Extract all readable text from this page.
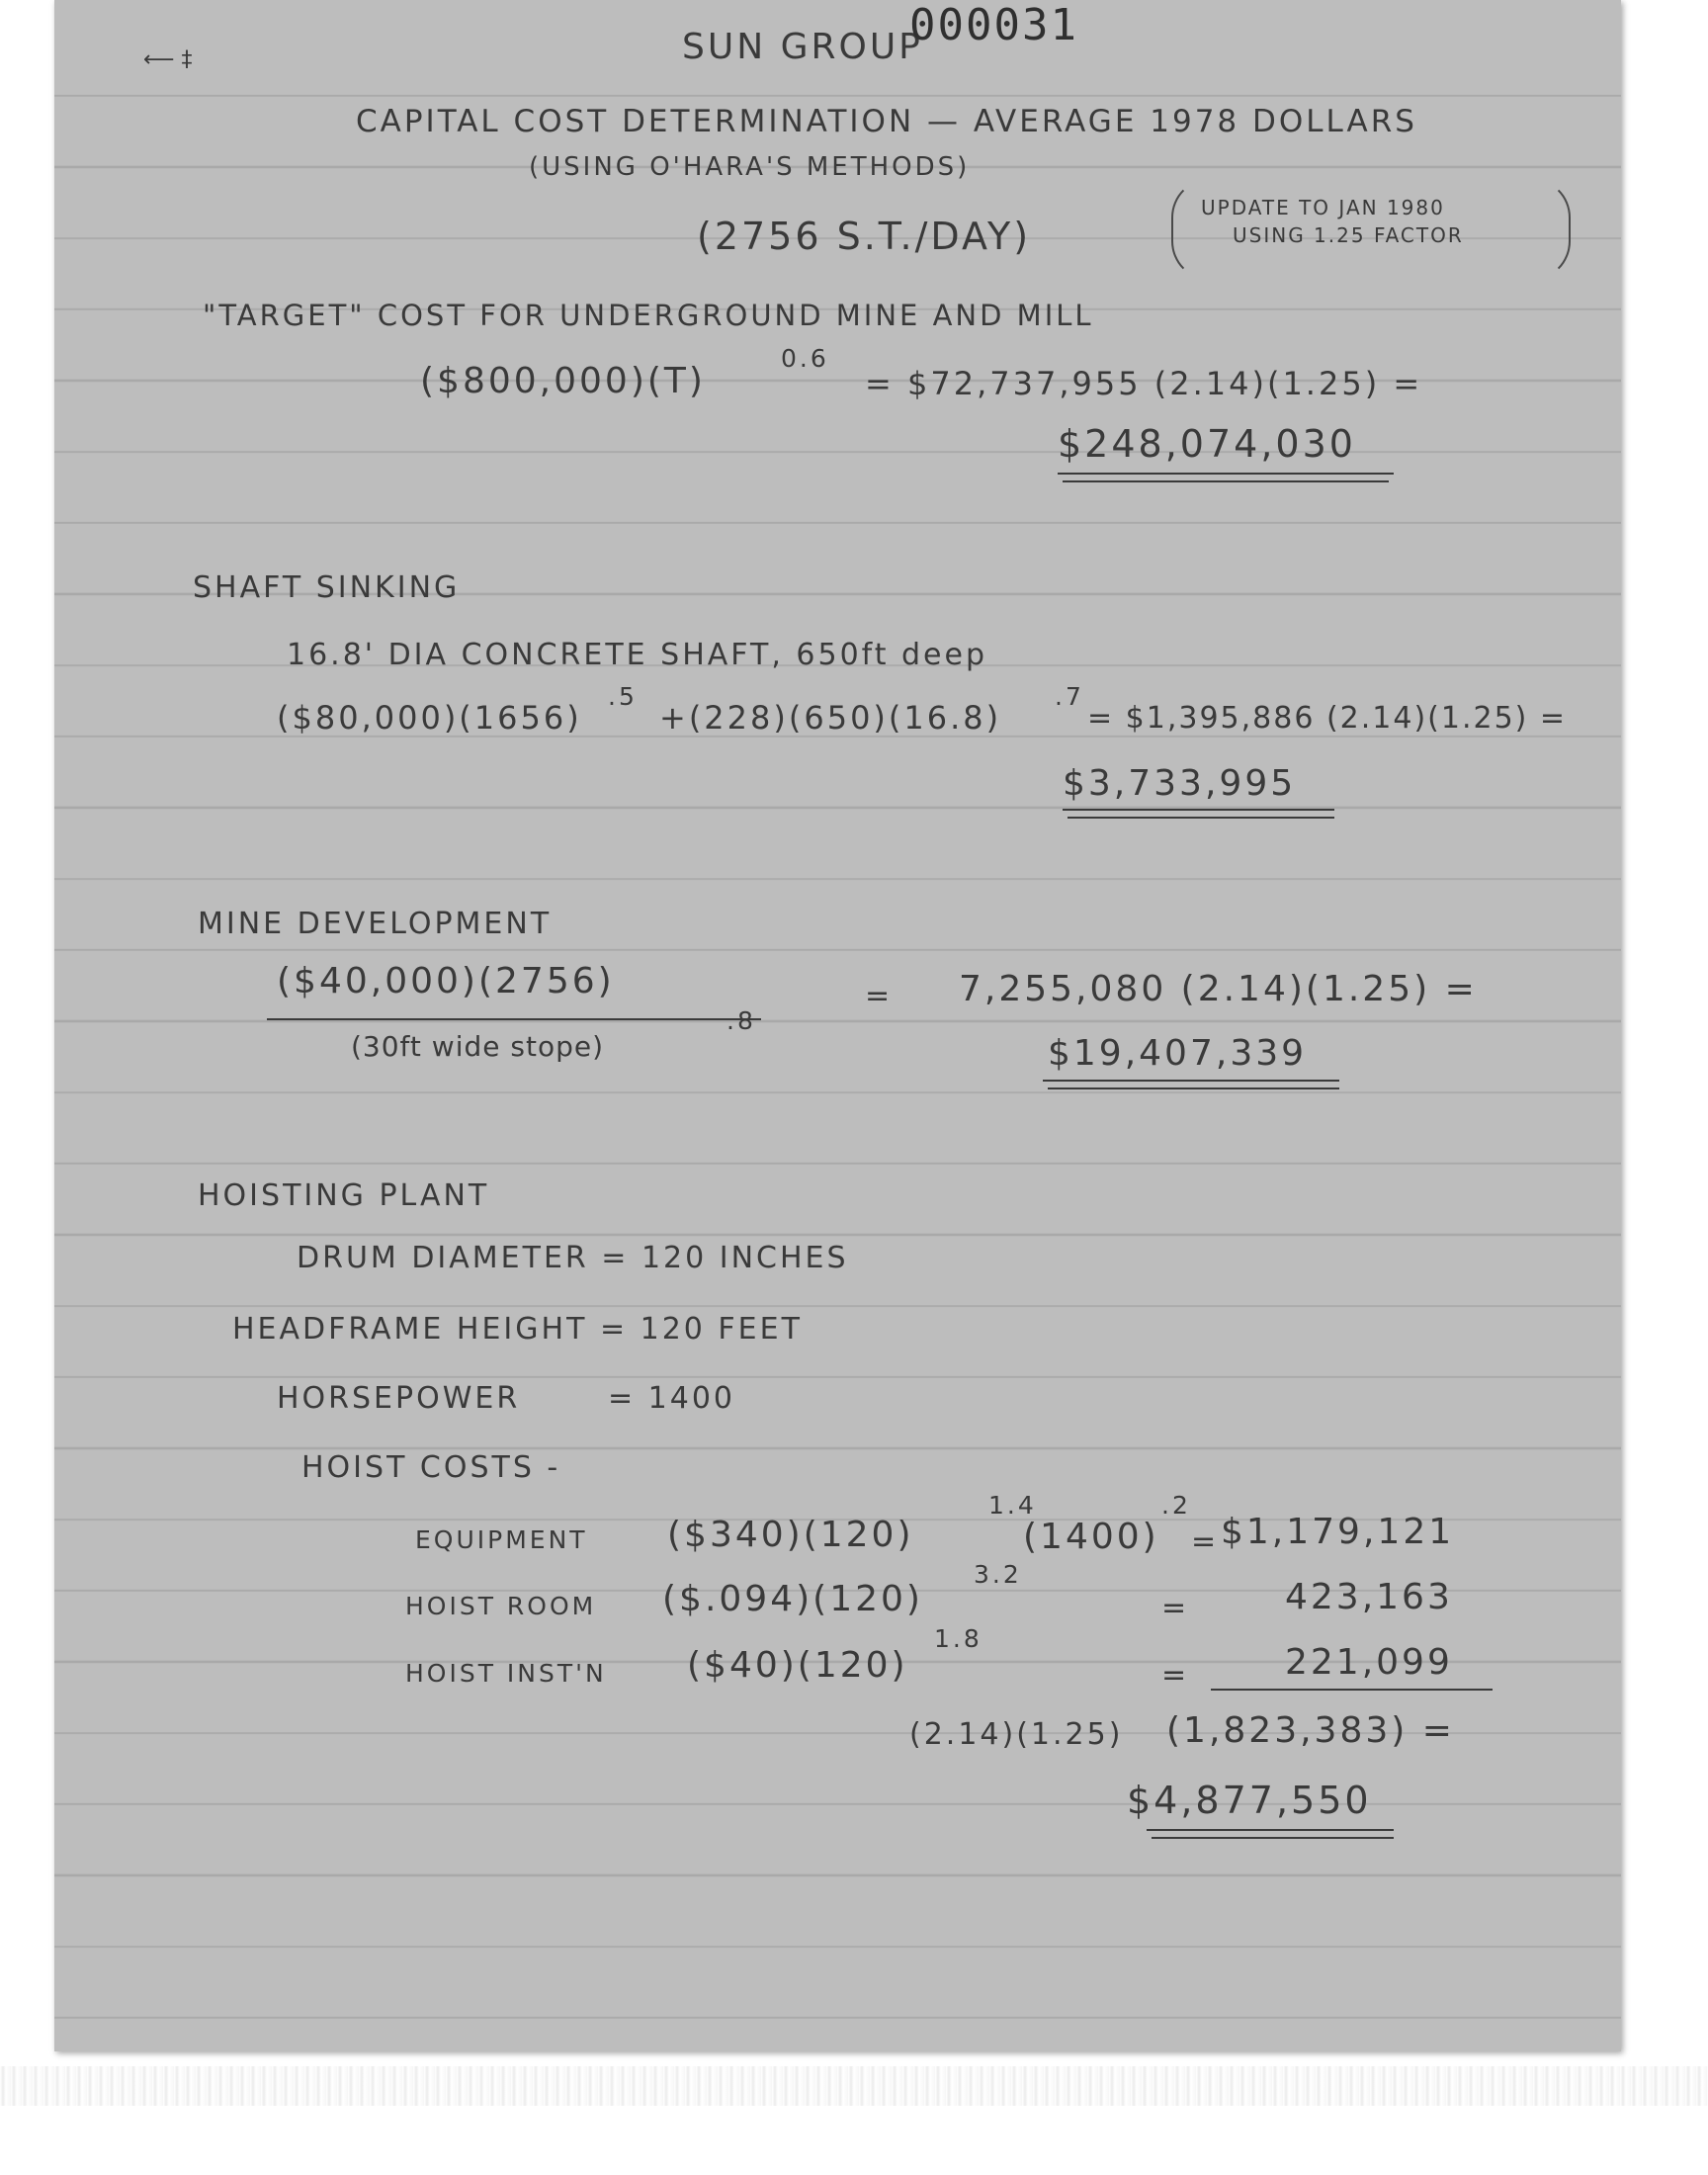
⟵ ‡	SUN GROUP
000031
CAPITAL COST DETERMINATION — AVERAGE 1978 DOLLARS
(USING O'HARA'S METHODS)
(2756 S.T./DAY)
UPDATE TO JAN 1980
USING 1.25 FACTOR
"TARGET" COST FOR UNDERGROUND MINE AND MILL
($800,000)(T)
0.6
= $72,737,955 (2.14)(1.25) =
$248,074,030
SHAFT SINKING
16.8' DIA CONCRETE SHAFT, 650ft deep
($80,000)(1656)
.5
+(228)(650)(16.8)
.7
= $1,395,886 (2.14)(1.25) =
$3,733,995
MINE DEVELOPMENT
($40,000)(2756)
(30ft wide stope)
.8
= 7,255,080 (2.14)(1.25) =
$19,407,339
HOISTING PLANT
DRUM DIAMETER = 120 INCHES
HEADFRAME HEIGHT = 120 FEET
HORSEPOWER	= 1400
HOIST COSTS -
EQUIPMENT ($340)(120)
1.4
(1400)
.2
= $1,179,121
HOIST ROOM ($.094)(120)
3.2
=	423,163
HOIST INST'N ($40)(120)
1.8
=	221,099
(2.14)(1.25) (1,823,383) =
$4,877,550
